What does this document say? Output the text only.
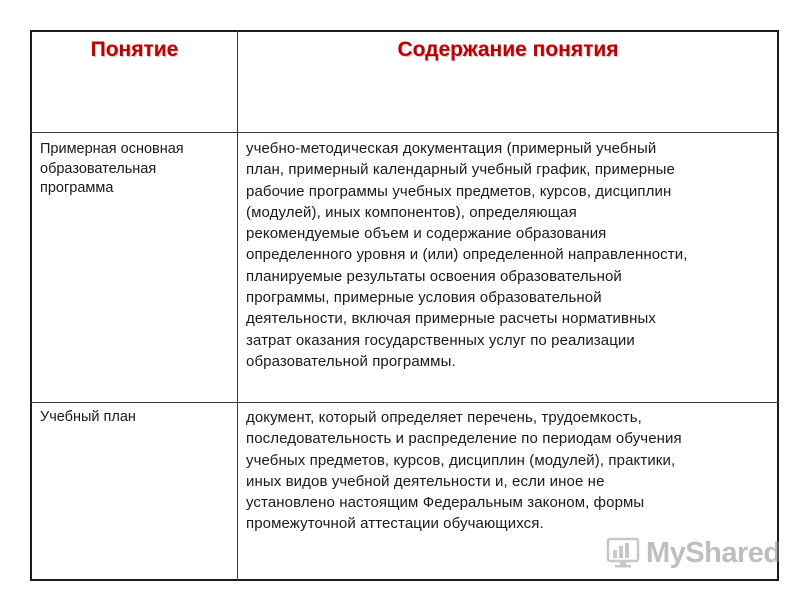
Понятие	Содержание понятия
Примерная основная
образовательная
программа
учебно-методическая документация (примерный учебный
план, примерный календарный учебный график, примерные
рабочие программы учебных предметов, курсов, дисциплин
(модулей), иных компонентов), определяющая
рекомендуемые объем и содержание образования
определенного уровня и (или) определенной направленности,
планируемые результаты освоения образовательной
программы, примерные условия образовательной
деятельности, включая примерные расчеты нормативных
затрат оказания государственных услуг по реализации
образовательной программы.
Учебный план	документ, который определяет перечень, трудоемкость,
последовательность и распределение по периодам обучения
учебных предметов, курсов, дисциплин (модулей), практики,
иных видов учебной деятельности и, если иное не
установлено настоящим Федеральным законом, формы
промежуточной аттестации обучающихся.
MyShared
